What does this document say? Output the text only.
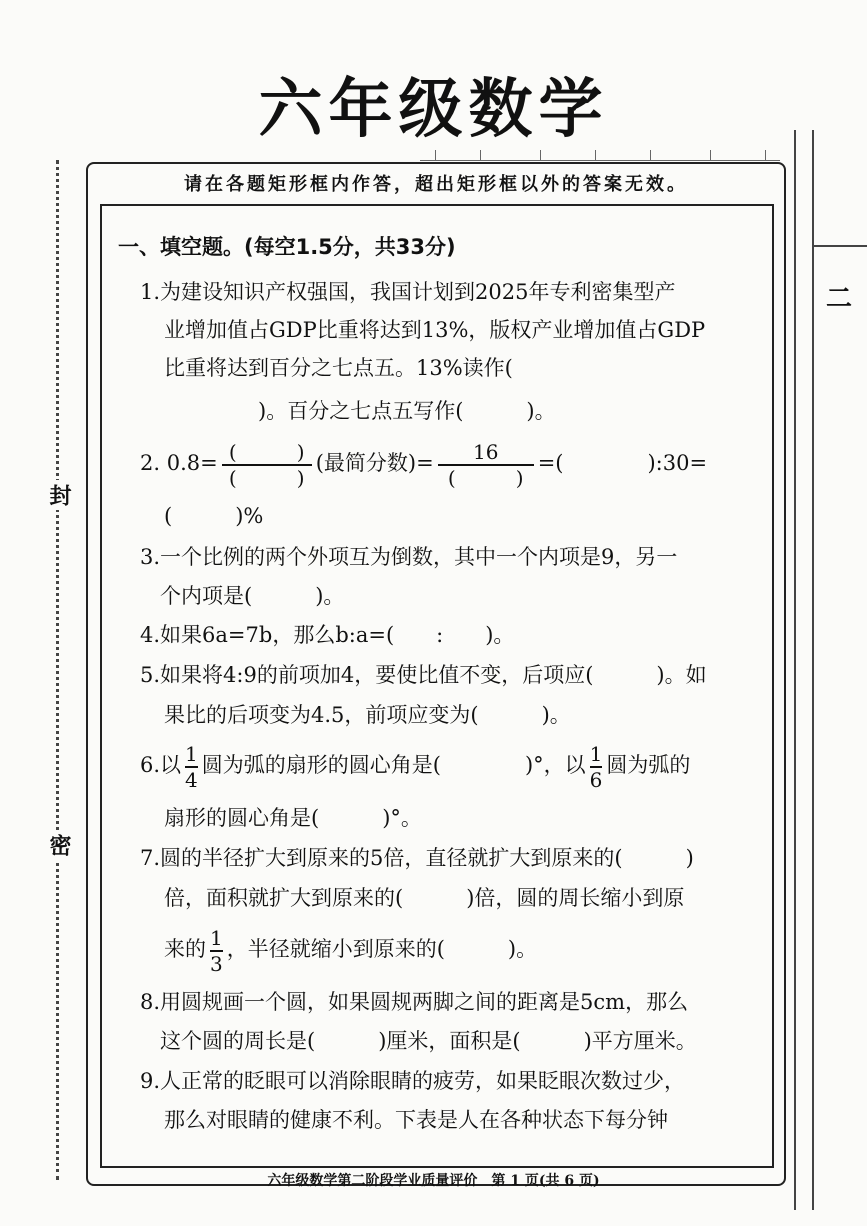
六年级数学
封
密
二
请在各题矩形框内作答，超出矩形框以外的答案无效。
一、填空题。(每空1.5分，共33分)
1.为建设知识产权强国，我国计划到2025年专利密集型产
业增加值占GDP比重将达到13%，版权产业增加值占GDP
比重将达到百分之七点五。13%读作(
)。百分之七点五写作(　　　)。
2. $0.8= \frac{( )}{( )}$ (最简分数)= $\frac{16}{( )}$ =(　　　　):30=
(　　　)%
3.一个比例的两个外项互为倒数，其中一个内项是9，另一
个内项是(　　　)。
4.如果6a=7b，那么b:a=(　　:　　)。
5.如果将4:9的前项加4，要使比值不变，后项应(　　　)。如
果比的后项变为4.5，前项应变为(　　　)。
6.以 $\frac{1}{4}$ 圆为弧的扇形的圆心角是(　　　　)°，以 $\frac{1}{6}$ 圆为弧的
扇形的圆心角是(　　　)°。
7.圆的半径扩大到原来的5倍，直径就扩大到原来的(　　　)
倍，面积就扩大到原来的(　　　)倍，圆的周长缩小到原
来的 $\frac{1}{3}$ ，半径就缩小到原来的(　　　)。
8.用圆规画一个圆，如果圆规两脚之间的距离是5cm，那么
这个圆的周长是(　　　)厘米，面积是(　　　)平方厘米。
9.人正常的眨眼可以消除眼睛的疲劳，如果眨眼次数过少，
那么对眼睛的健康不利。下表是人在各种状态下每分钟
六年级数学第二阶段学业质量评价　第 1 页(共 6 页)
